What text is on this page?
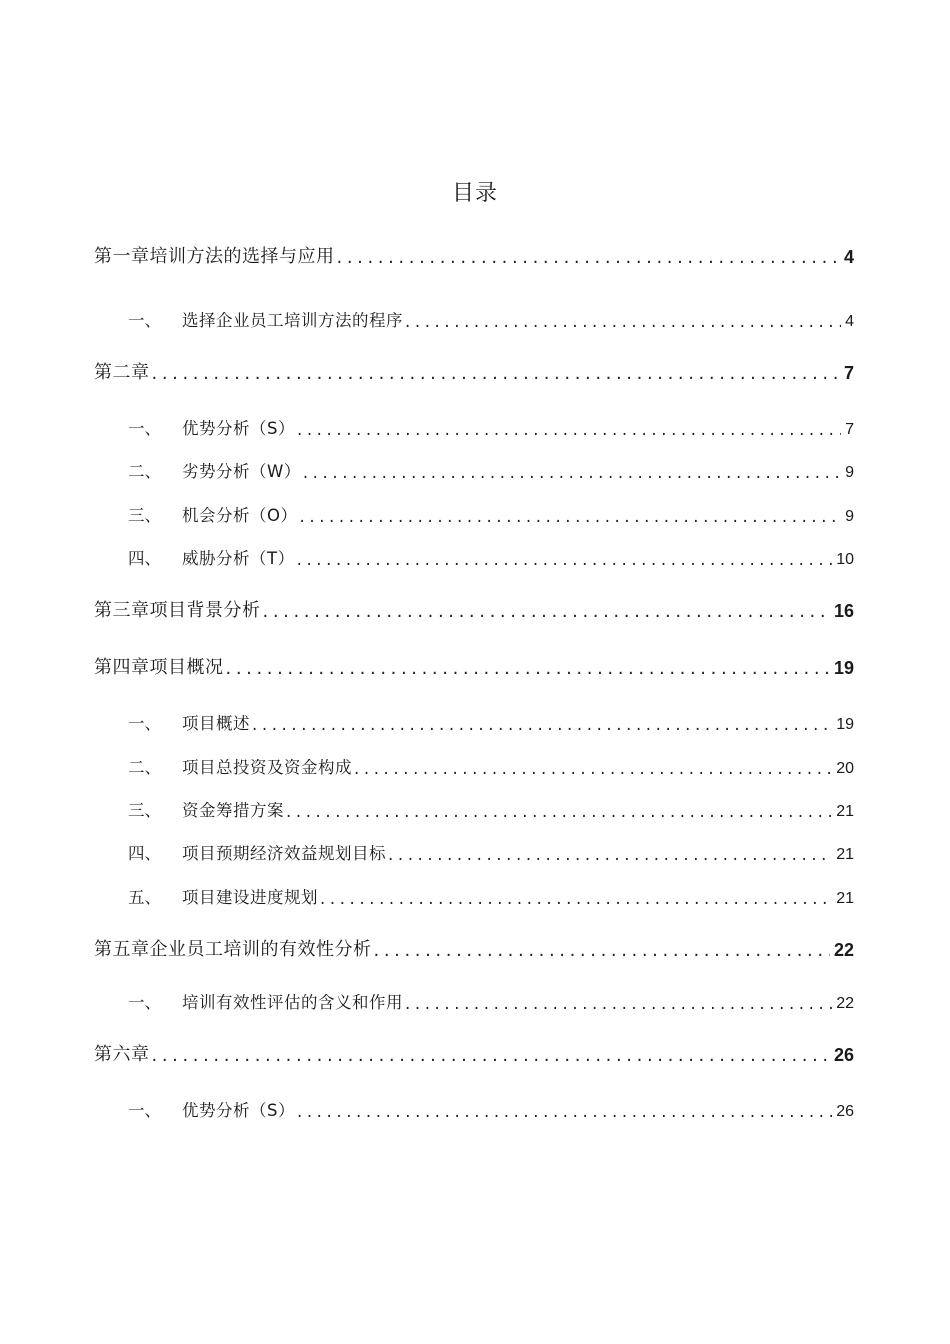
目录
第一章培训方法的选择与应用 .....	4
一、	选择企业员工培训方法的程序 .....	4
第二章 .....	7
一、	优势分析（S） .....	7
二、	劣势分析（W） .....	9
三、	机会分析（O） .....	9
四、	威胁分析（T） .....	10
第三章项目背景分析 .....	16
第四章项目概况 .....	19
一、	项目概述 .....	19
二、	项目总投资及资金构成 .....	20
三、	资金筹措方案 .....	21
四、	项目预期经济效益规划目标 .....	21
五、	项目建设进度规划 .....	21
第五章企业员工培训的有效性分析 .....	22
一、	培训有效性评估的含义和作用 .....	22
第六章 .....	26
一、	优势分析（S） .....	26
